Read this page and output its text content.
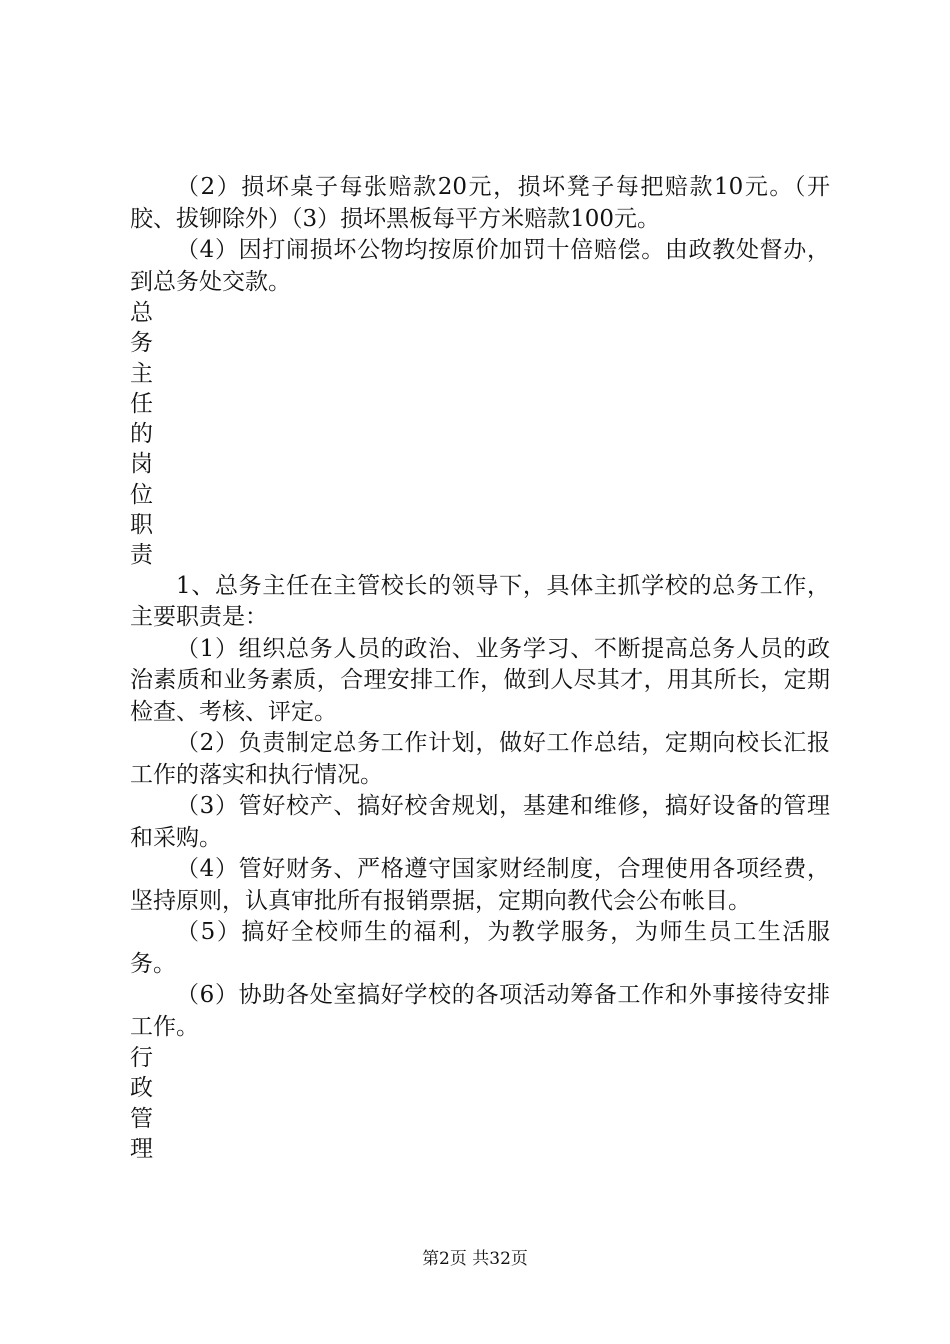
（2）损坏桌子每张赔款20元，损坏凳子每把赔款10元。（开胶、拔铆除外）（3）损坏黑板每平方米赔款100元。

（4）因打闹损坏公物均按原价加罚十倍赔偿。由政教处督办，到总务处交款。

总务主任的岗位职责

1、总务主任在主管校长的领导下，具体主抓学校的总务工作，主要职责是：

（1）组织总务人员的政治、业务学习、不断提高总务人员的政治素质和业务素质，合理安排工作，做到人尽其才，用其所长，定期检查、考核、评定。

（2）负责制定总务工作计划，做好工作总结，定期向校长汇报工作的落实和执行情况。

（3）管好校产、搞好校舍规划，基建和维修，搞好设备的管理和采购。

（4）管好财务、严格遵守国家财经制度，合理使用各项经费，坚持原则，认真审批所有报销票据，定期向教代会公布帐目。

（5）搞好全校师生的福利，为教学服务，为师生员工生活服务。

（6）协助各处室搞好学校的各项活动筹备工作和外事接待安排工作。

行政管理

第2页 共32页
